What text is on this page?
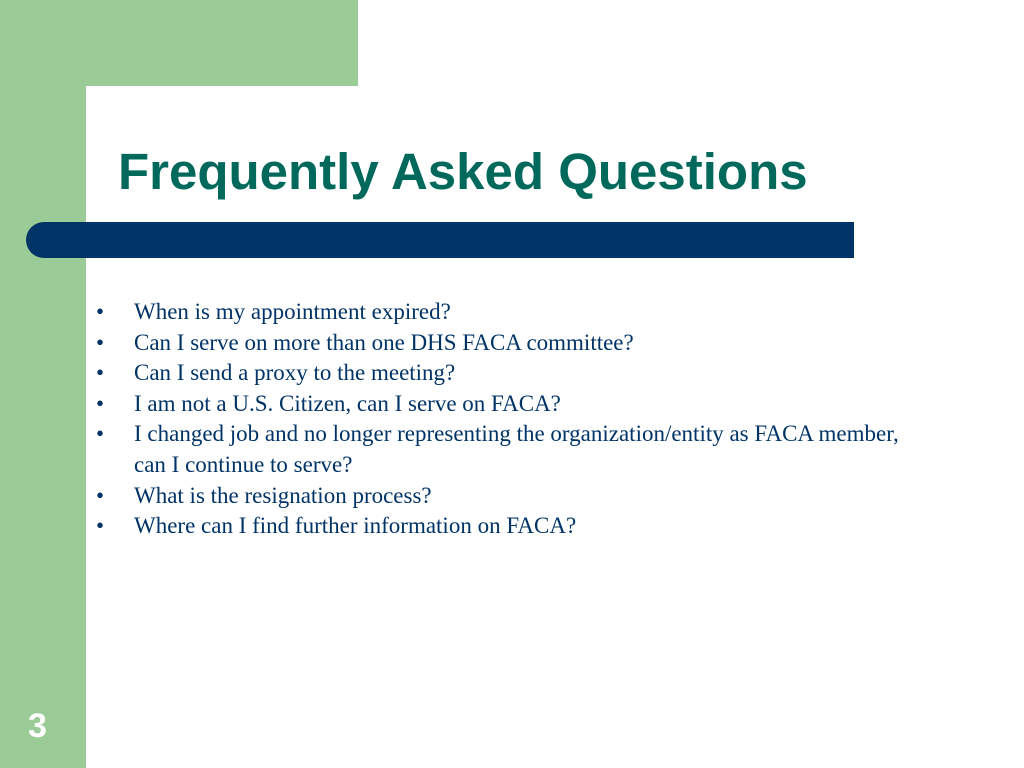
Frequently Asked Questions
• When is my appointment expired?
• Can I serve on more than one DHS FACA committee?
• Can I send a proxy to the meeting?
• I am not a U.S. Citizen, can I serve on FACA?
• I changed job and no longer representing the organization/entity as FACA member, can I continue to serve?
• What is the resignation process?
• Where can I find further information on FACA?
3
